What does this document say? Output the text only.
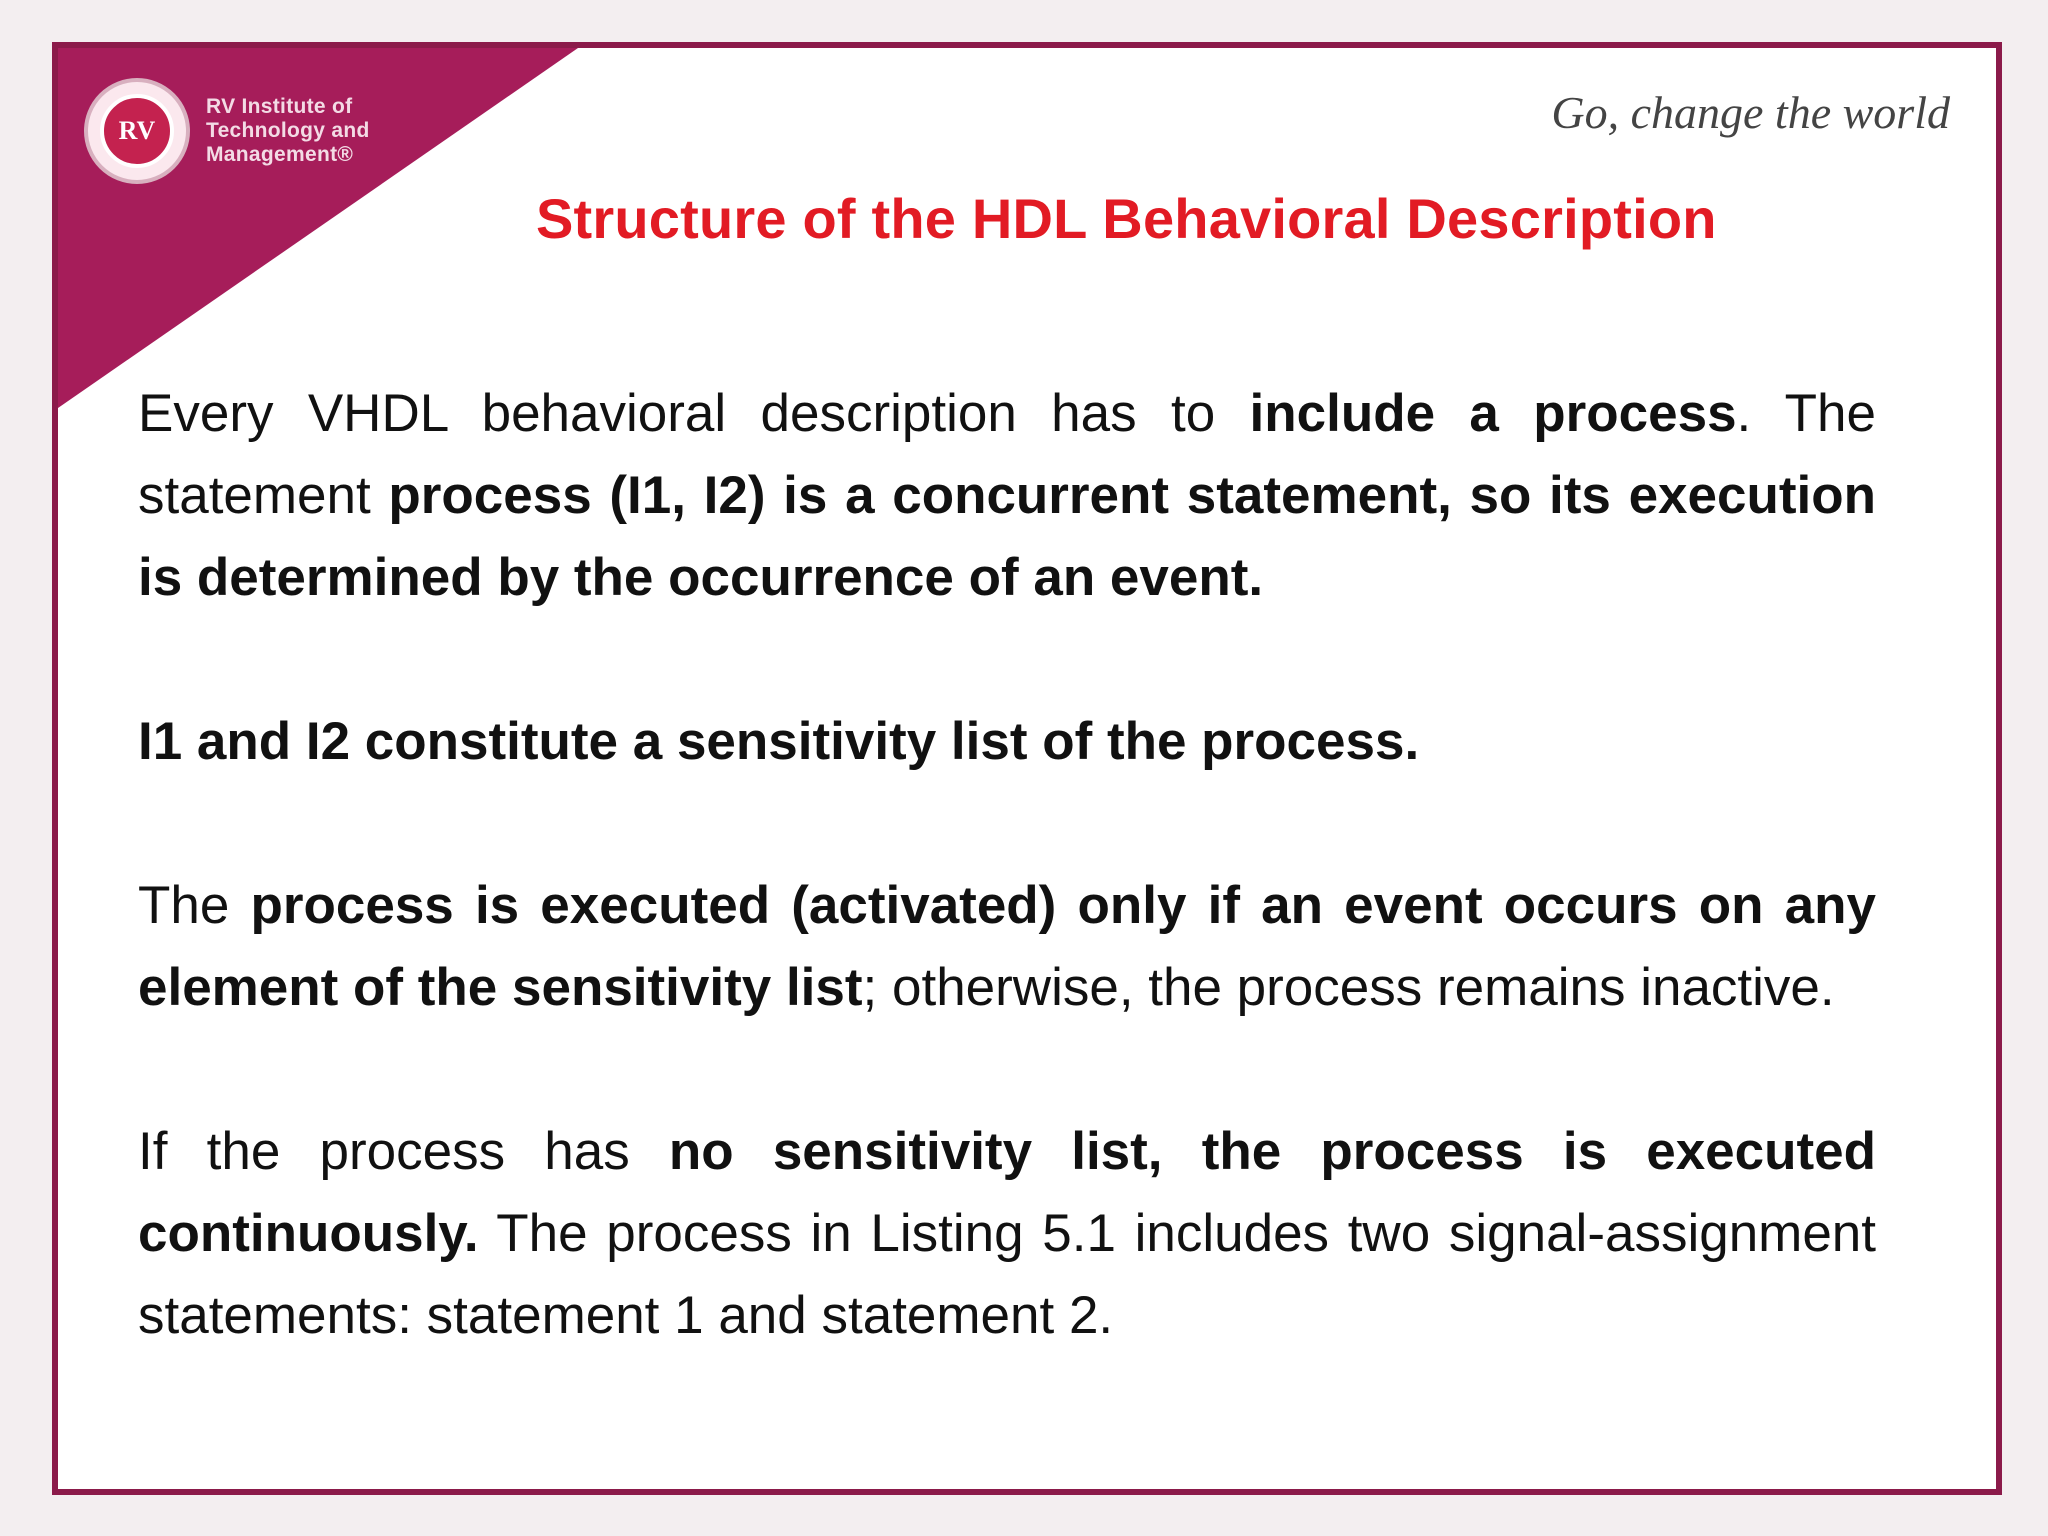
RV
RV Institute of Technology and Management®
Go, change the world
Structure of the HDL Behavioral Description

Every VHDL behavioral description has to include a process. The statement process (I1, I2) is a concurrent statement, so its execution is determined by the occurrence of an event.

I1 and I2 constitute a sensitivity list of the process.

The process is executed (activated) only if an event occurs on any element of the sensitivity list; otherwise, the process remains inactive.

If the process has no sensitivity list, the process is executed continuously. The process in Listing 5.1 includes two signal-assignment statements: statement 1 and statement 2.
